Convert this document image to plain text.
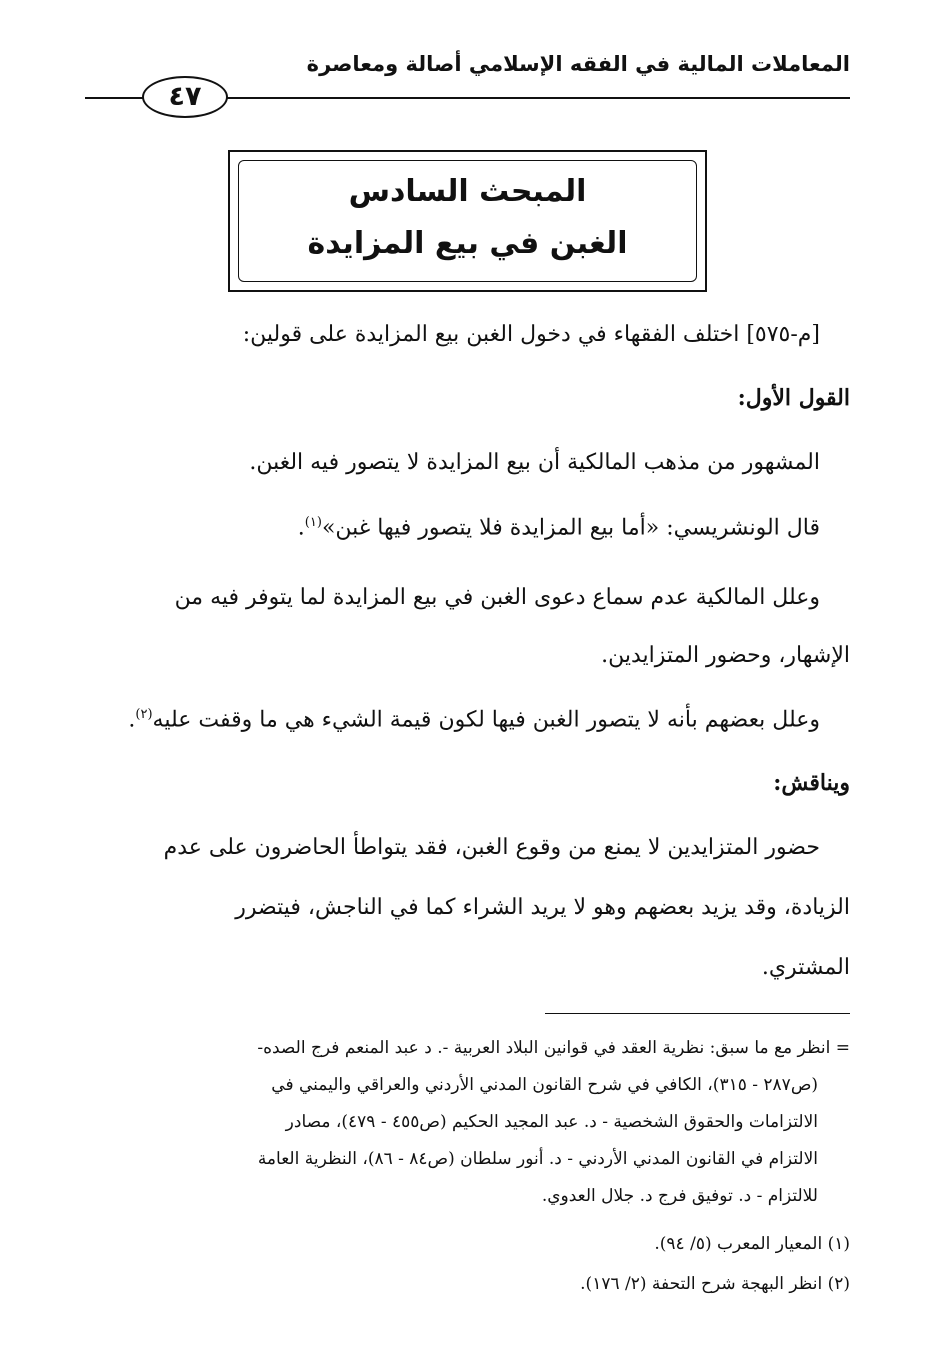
المعاملات المالية في الفقه الإسلامي أصالة ومعاصرة
٤٧
المبحث السادس
الغبن في بيع المزايدة
[م-٥٧٥] اختلف الفقهاء في دخول الغبن بيع المزايدة على قولين:
القول الأول:
المشهور من مذهب المالكية أن بيع المزايدة لا يتصور فيه الغبن.
قال الونشريسي: «أما بيع المزايدة فلا يتصور فيها غبن»$^{(١)}$.
وعلل المالكية عدم سماع دعوى الغبن في بيع المزايدة لما يتوفر فيه من
الإشهار، وحضور المتزايدين.
وعلل بعضهم بأنه لا يتصور الغبن فيها لكون قيمة الشيء هي ما وقفت عليه$^{(٢)}$.
ويناقش:
حضور المتزايدين لا يمنع من وقوع الغبن، فقد يتواطأ الحاضرون على عدم
الزيادة، وقد يزيد بعضهم وهو لا يريد الشراء كما في الناجش، فيتضرر
المشتري.
= انظر مع ما سبق: نظرية العقد في قوانين البلاد العربية -. د عبد المنعم فرج الصده-
(ص٢٨٧ - ٣١٥)، الكافي في شرح القانون المدني الأردني والعراقي واليمني في
الالتزامات والحقوق الشخصية - د. عبد المجيد الحكيم (ص٤٥٥ - ٤٧٩)، مصادر
الالتزام في القانون المدني الأردني - د. أنور سلطان (ص٨٤ - ٨٦)، النظرية العامة
للالتزام - د. توفيق فرج د. جلال العدوي.
(١) المعيار المعرب (٥/ ٩٤).
(٢) انظر البهجة شرح التحفة (٢/ ١٧٦).
